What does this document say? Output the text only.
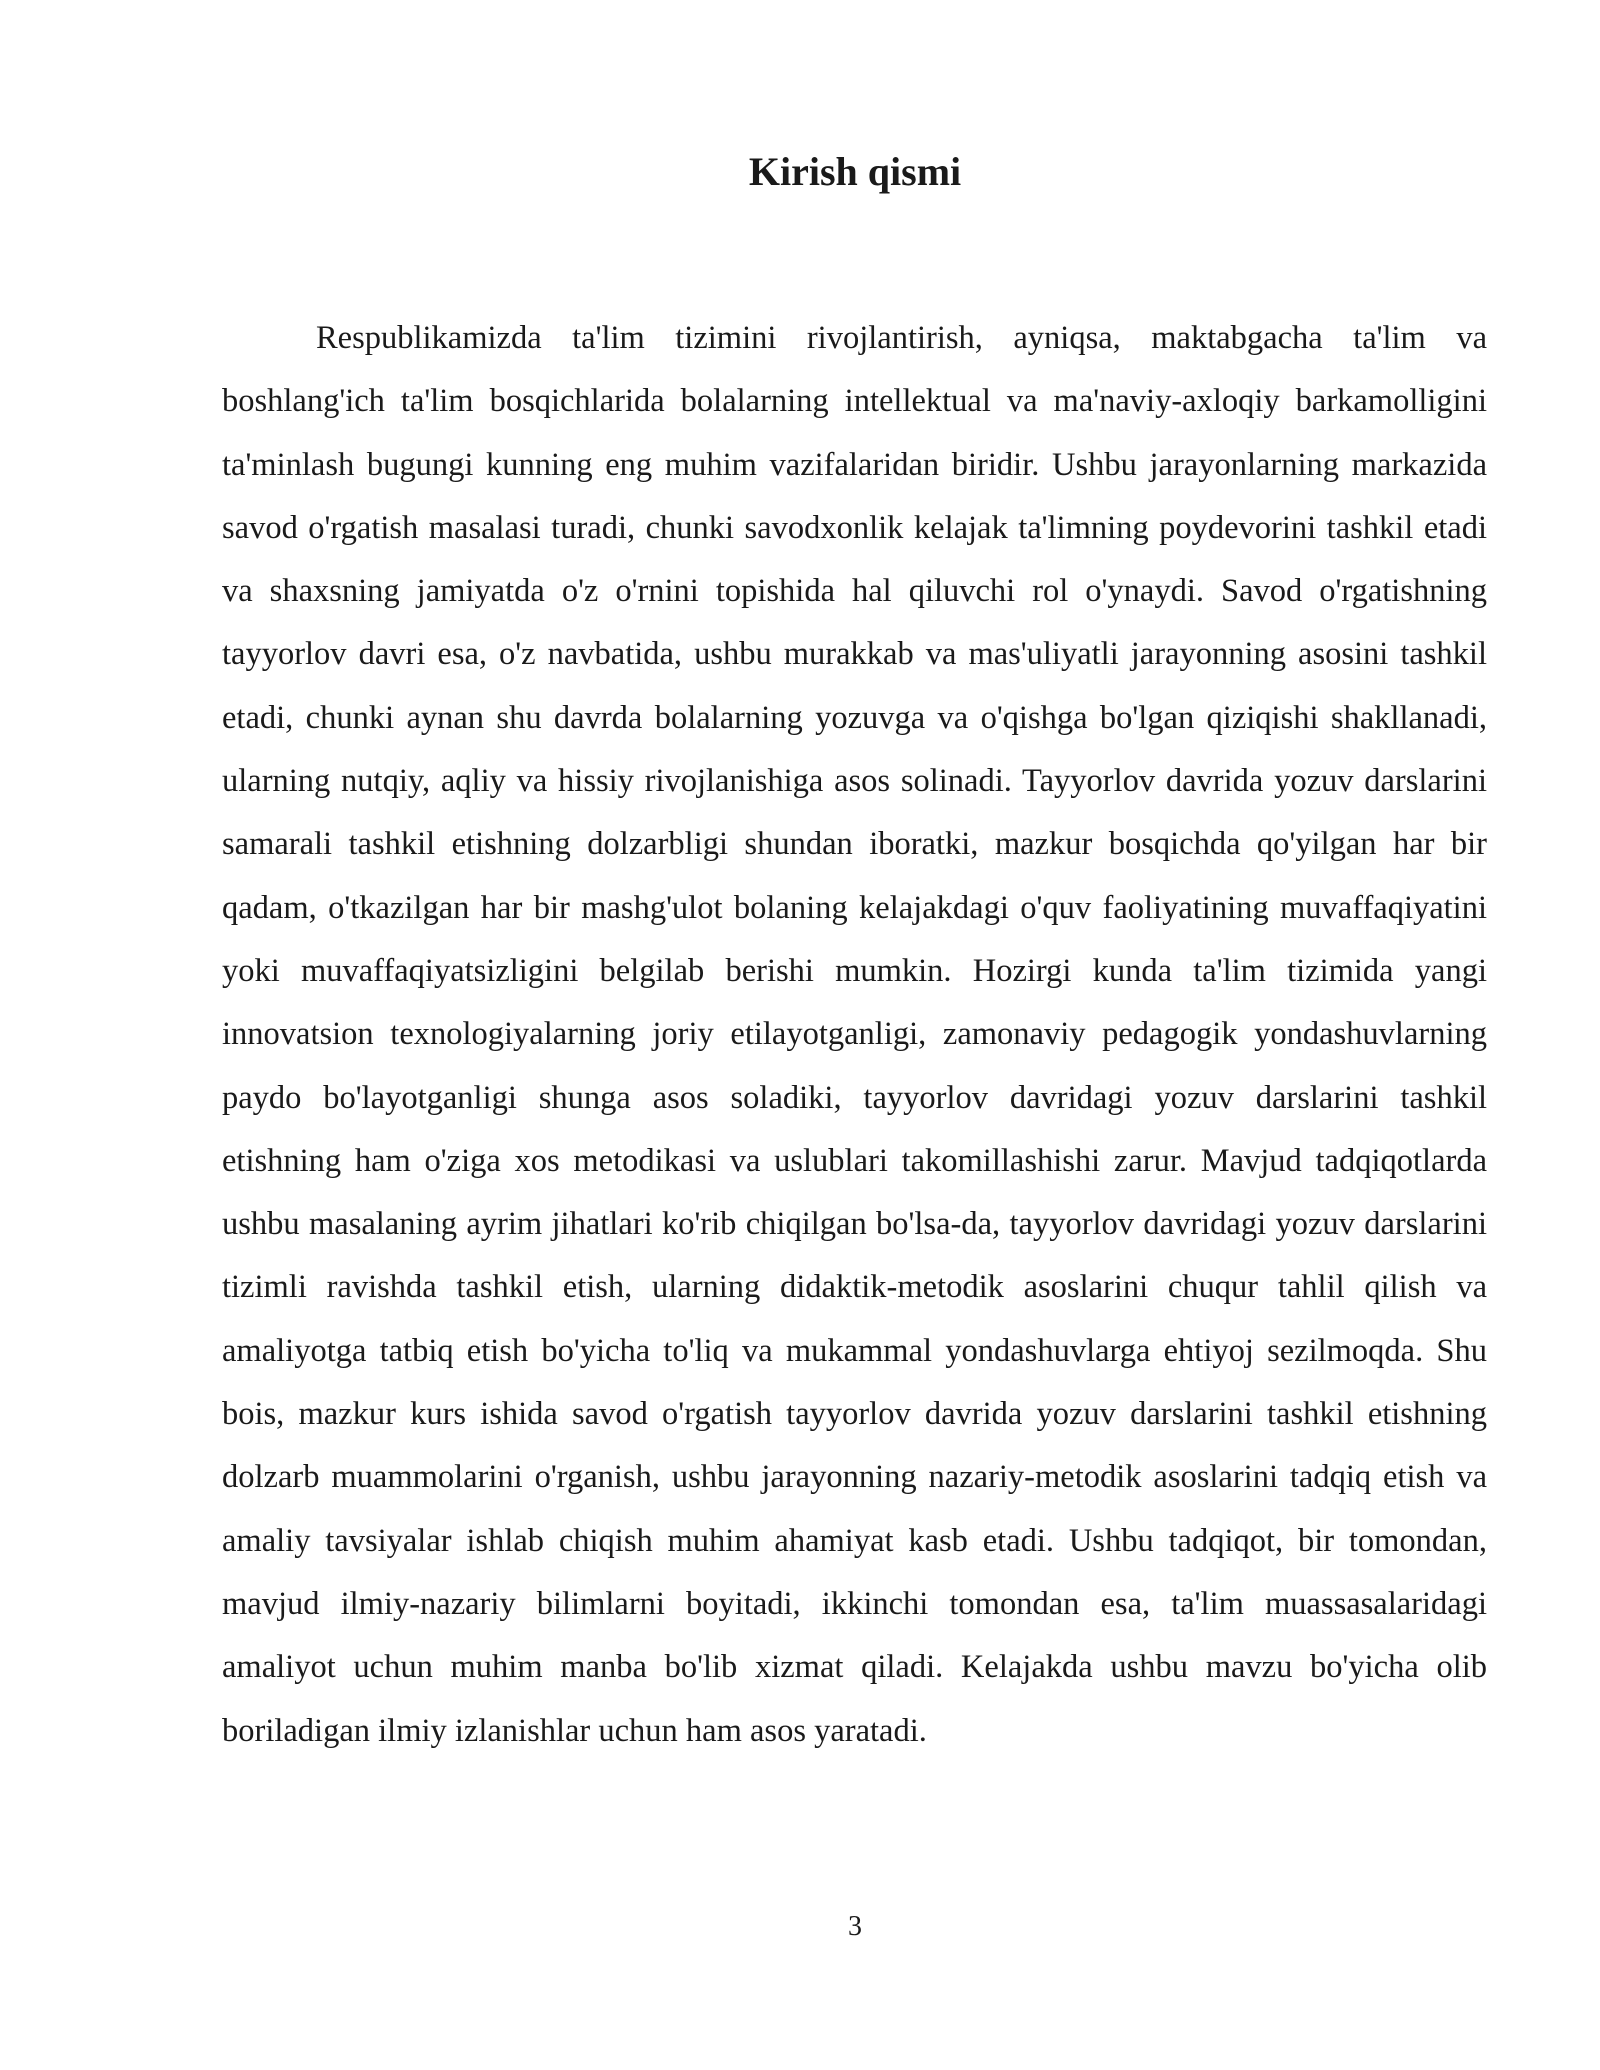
Kirish qismi

Respublikamizda ta'lim tizimini rivojlantirish, ayniqsa, maktabgacha ta'lim va boshlang'ich ta'lim bosqichlarida bolalarning intellektual va ma'naviy-axloqiy barkamolligini ta'minlash bugungi kunning eng muhim vazifalaridan biridir. Ushbu jarayonlarning markazida savod o'rgatish masalasi turadi, chunki savodxonlik kelajak ta'limning poydevorini tashkil etadi va shaxsning jamiyatda o'z o'rnini topishida hal qiluvchi rol o'ynaydi. Savod o'rgatishning tayyorlov davri esa, o'z navbatida, ushbu murakkab va mas'uliyatli jarayonning asosini tashkil etadi, chunki aynan shu davrda bolalarning yozuvga va o'qishga bo'lgan qiziqishi shakllanadi, ularning nutqiy, aqliy va hissiy rivojlanishiga asos solinadi. Tayyorlov davrida yozuv darslarini samarali tashkil etishning dolzarbligi shundan iboratki, mazkur bosqichda qo'yilgan har bir qadam, o'tkazilgan har bir mashg'ulot bolaning kelajakdagi o'quv faoliyatining muvaffaqiyatini yoki muvaffaqiyatsizligini belgilab berishi mumkin. Hozirgi kunda ta'lim tizimida yangi innovatsion texnologiyalarning joriy etilayotganligi, zamonaviy pedagogik yondashuvlarning paydo bo'layotganligi shunga asos soladiki, tayyorlov davridagi yozuv darslarini tashkil etishning ham o'ziga xos metodikasi va uslublari takomillashishi zarur. Mavjud tadqiqotlarda ushbu masalaning ayrim jihatlari ko'rib chiqilgan bo'lsa-da, tayyorlov davridagi yozuv darslarini tizimli ravishda tashkil etish, ularning didaktik-metodik asoslarini chuqur tahlil qilish va amaliyotga tatbiq etish bo'yicha to'liq va mukammal yondashuvlarga ehtiyoj sezilmoqda. Shu bois, mazkur kurs ishida savod o'rgatish tayyorlov davrida yozuv darslarini tashkil etishning dolzarb muammolarini o'rganish, ushbu jarayonning nazariy-metodik asoslarini tadqiq etish va amaliy tavsiyalar ishlab chiqish muhim ahamiyat kasb etadi. Ushbu tadqiqot, bir tomondan, mavjud ilmiy-nazariy bilimlarni boyitadi, ikkinchi tomondan esa, ta'lim muassasalaridagi amaliyot uchun muhim manba bo'lib xizmat qiladi. Kelajakda ushbu mavzu bo'yicha olib boriladigan ilmiy izlanishlar uchun ham asos yaratadi.

3
